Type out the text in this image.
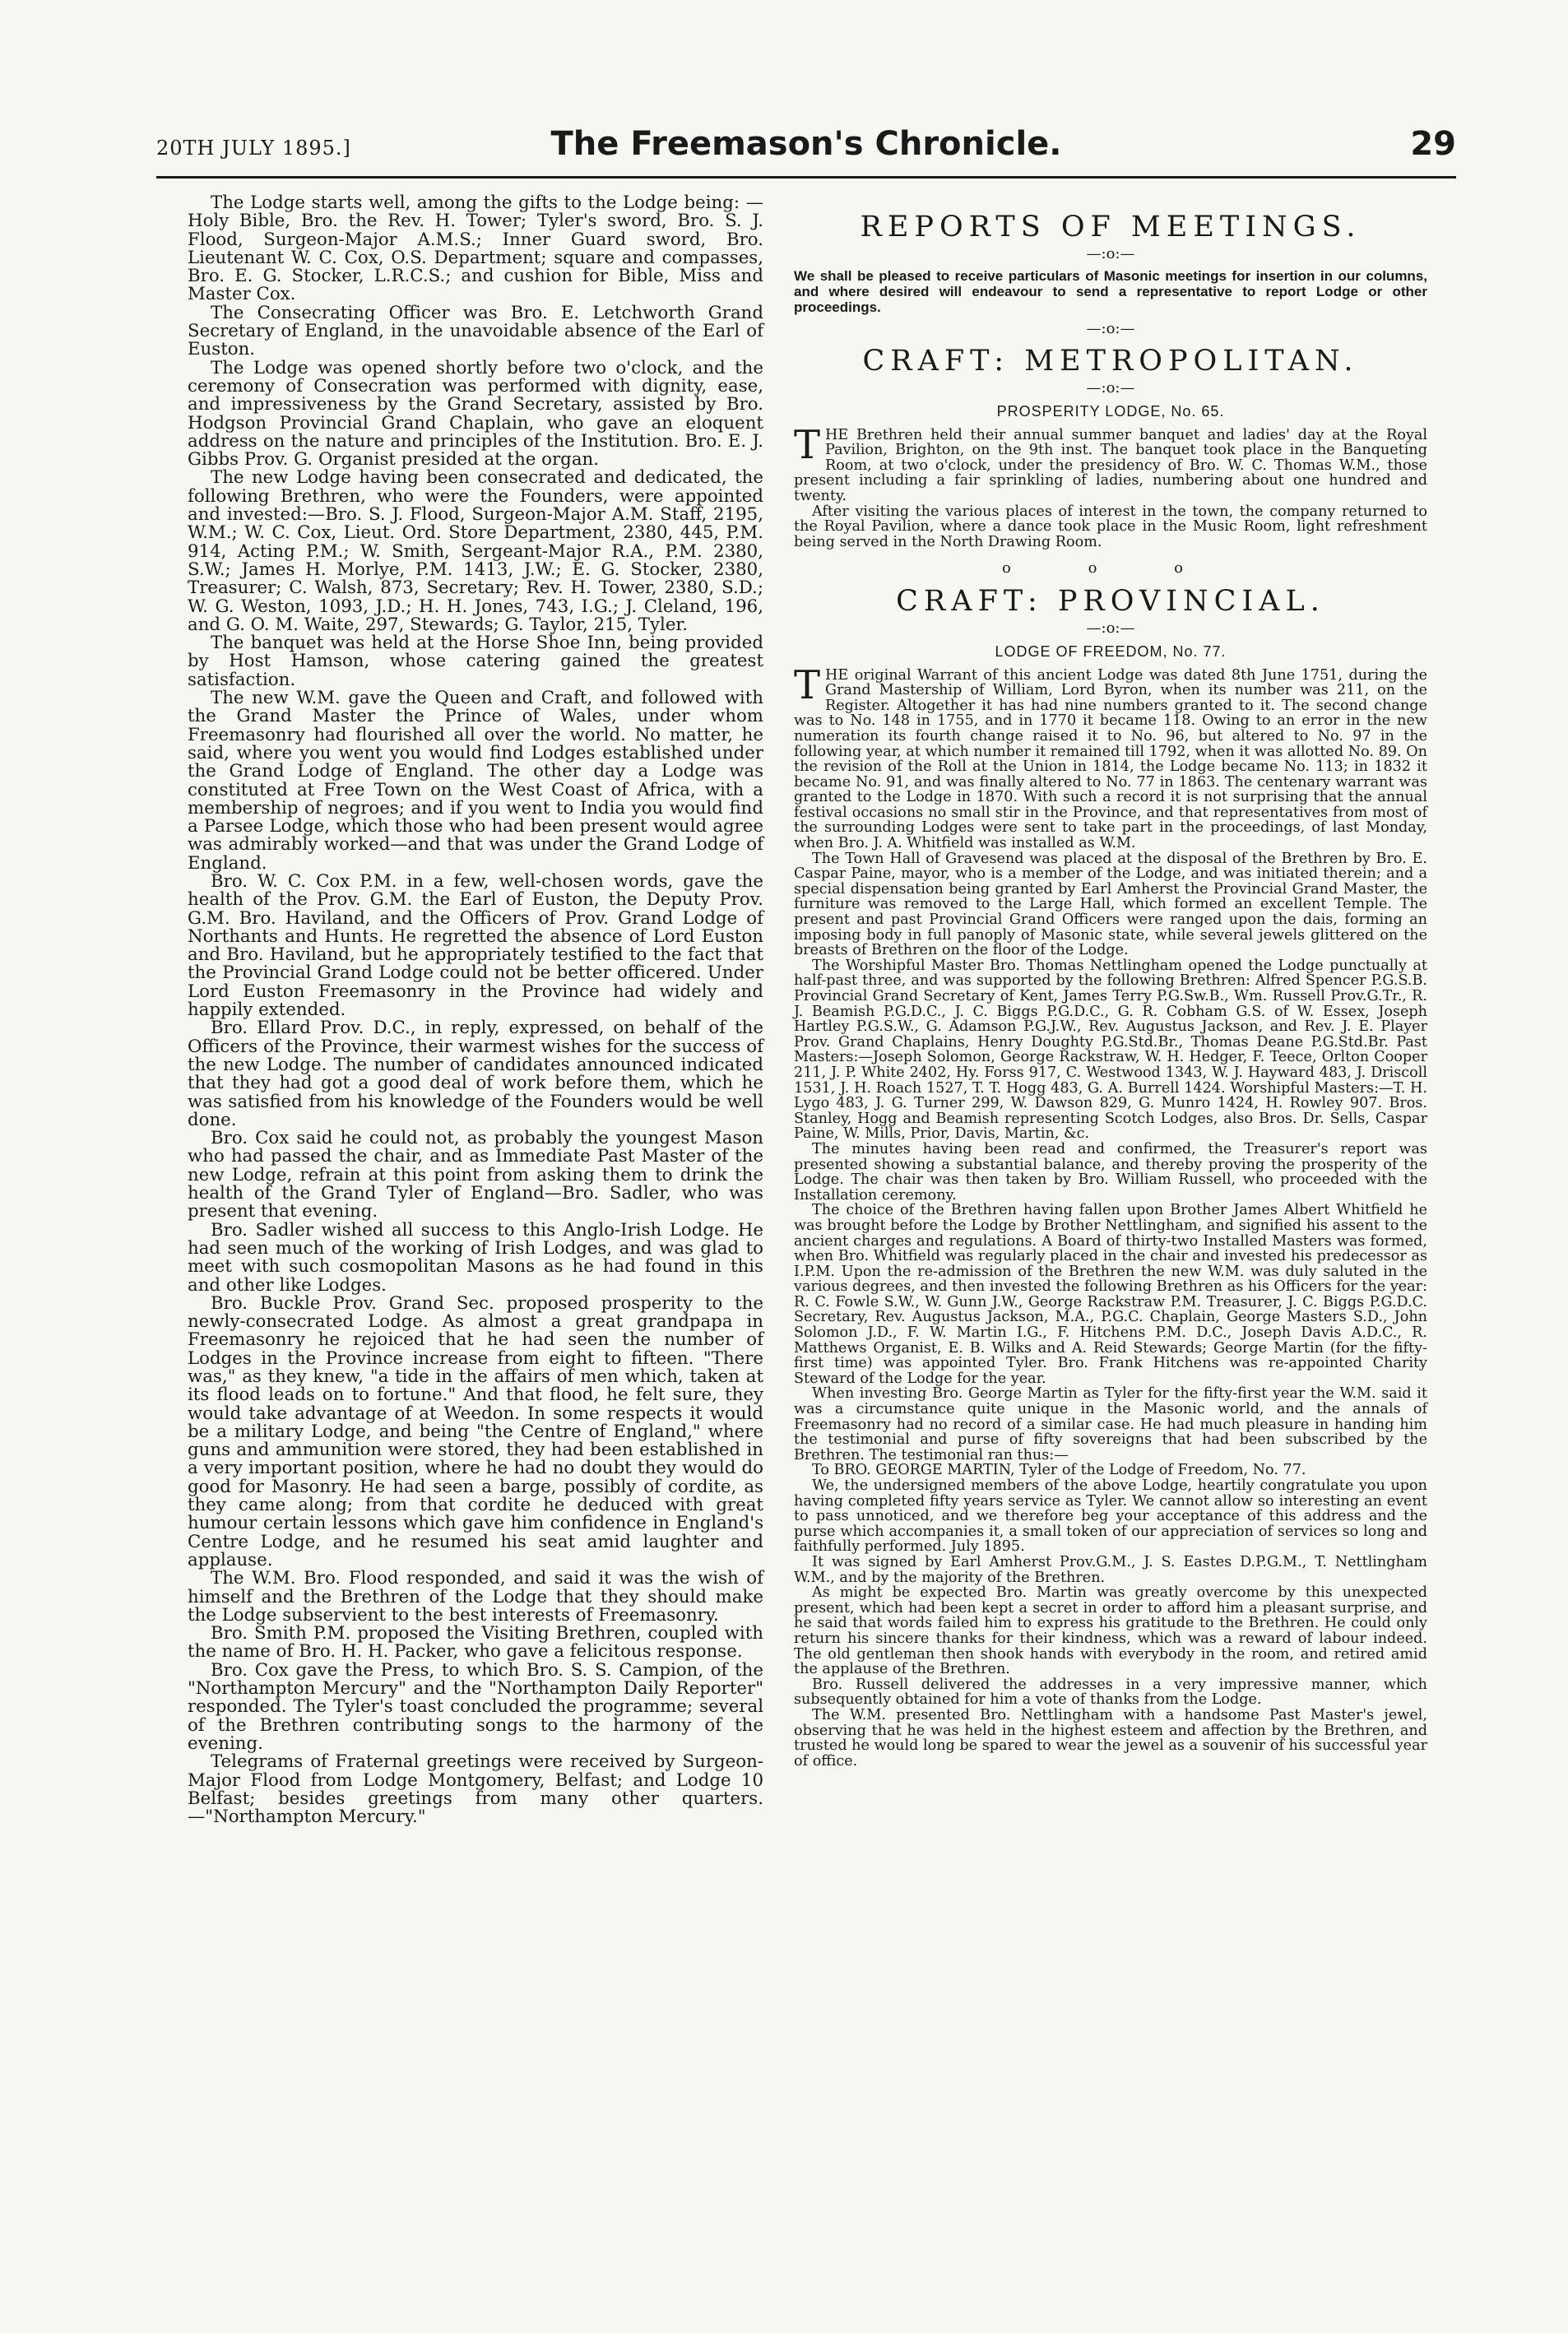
20TH JULY 1895.]	The Freemason's Chronicle.	29

The Lodge starts well, among the gifts to the Lodge being: —Holy Bible, Bro. the Rev. H. Tower; Tyler's sword, Bro. S. J. Flood, Surgeon-Major A.M.S.; Inner Guard sword, Bro. Lieutenant W. C. Cox, O.S. Department; square and compasses, Bro. E. G. Stocker, L.R.C.S.; and cushion for Bible, Miss and Master Cox.

The Consecrating Officer was Bro. E. Letchworth Grand Secretary of England, in the unavoidable absence of the Earl of Euston.

The Lodge was opened shortly before two o'clock, and the ceremony of Consecration was performed with dignity, ease, and impressiveness by the Grand Secretary, assisted by Bro. Hodgson Provincial Grand Chaplain, who gave an eloquent address on the nature and principles of the Institution. Bro. E. J. Gibbs Prov. G. Organist presided at the organ.

The new Lodge having been consecrated and dedicated, the following Brethren, who were the Founders, were appointed and invested:—Bro. S. J. Flood, Surgeon-Major A.M. Staff, 2195, W.M.; W. C. Cox, Lieut. Ord. Store Department, 2380, 445, P.M. 914, Acting P.M.; W. Smith, Sergeant-Major R.A., P.M. 2380, S.W.; James H. Morlye, P.M. 1413, J.W.; E. G. Stocker, 2380, Treasurer; C. Walsh, 873, Secretary; Rev. H. Tower, 2380, S.D.; W. G. Weston, 1093, J.D.; H. H. Jones, 743, I.G.; J. Cleland, 196, and G. O. M. Waite, 297, Stewards; G. Taylor, 215, Tyler.

The banquet was held at the Horse Shoe Inn, being provided by Host Hamson, whose catering gained the greatest satisfaction.

The new W.M. gave the Queen and Craft, and followed with the Grand Master the Prince of Wales, under whom Freemasonry had flourished all over the world. No matter, he said, where you went you would find Lodges established under the Grand Lodge of England. The other day a Lodge was constituted at Free Town on the West Coast of Africa, with a membership of negroes; and if you went to India you would find a Parsee Lodge, which those who had been present would agree was admirably worked—and that was under the Grand Lodge of England.

Bro. W. C. Cox P.M. in a few, well-chosen words, gave the health of the Prov. G.M. the Earl of Euston, the Deputy Prov. G.M. Bro. Haviland, and the Officers of Prov. Grand Lodge of Northants and Hunts. He regretted the absence of Lord Euston and Bro. Haviland, but he appropriately testified to the fact that the Provincial Grand Lodge could not be better officered. Under Lord Euston Freemasonry in the Province had widely and happily extended.

Bro. Ellard Prov. D.C., in reply, expressed, on behalf of the Officers of the Province, their warmest wishes for the success of the new Lodge. The number of candidates announced indicated that they had got a good deal of work before them, which he was satisfied from his knowledge of the Founders would be well done.

Bro. Cox said he could not, as probably the youngest Mason who had passed the chair, and as Immediate Past Master of the new Lodge, refrain at this point from asking them to drink the health of the Grand Tyler of England—Bro. Sadler, who was present that evening.

Bro. Sadler wished all success to this Anglo-Irish Lodge. He had seen much of the working of Irish Lodges, and was glad to meet with such cosmopolitan Masons as he had found in this and other like Lodges.

Bro. Buckle Prov. Grand Sec. proposed prosperity to the newly-consecrated Lodge. As almost a great grandpapa in Freemasonry he rejoiced that he had seen the number of Lodges in the Province increase from eight to fifteen. "There was," as they knew, "a tide in the affairs of men which, taken at its flood leads on to fortune." And that flood, he felt sure, they would take advantage of at Weedon. In some respects it would be a military Lodge, and being "the Centre of England," where guns and ammunition were stored, they had been established in a very important position, where he had no doubt they would do good for Masonry. He had seen a barge, possibly of cordite, as they came along; from that cordite he deduced with great humour certain lessons which gave him confidence in England's Centre Lodge, and he resumed his seat amid laughter and applause.

The W.M. Bro. Flood responded, and said it was the wish of himself and the Brethren of the Lodge that they should make the Lodge subservient to the best interests of Freemasonry.

Bro. Smith P.M. proposed the Visiting Brethren, coupled with the name of Bro. H. H. Packer, who gave a felicitous response.

Bro. Cox gave the Press, to which Bro. S. S. Campion, of the "Northampton Mercury" and the "Northampton Daily Reporter" responded. The Tyler's toast concluded the programme; several of the Brethren contributing songs to the harmony of the evening.

Telegrams of Fraternal greetings were received by Surgeon-Major Flood from Lodge Montgomery, Belfast; and Lodge 10 Belfast; besides greetings from many other quarters.—"Northampton Mercury."

REPORTS OF MEETINGS.
—:o:—
We shall be pleased to receive particulars of Masonic meetings for insertion in our columns, and where desired will endeavour to send a representative to report Lodge or other proceedings.
—:o:—
CRAFT: METROPOLITAN.
—:o:—
PROSPERITY LODGE, No. 65.

THE Brethren held their annual summer banquet and ladies' day at the Royal Pavilion, Brighton, on the 9th inst. The banquet took place in the Banqueting Room, at two o'clock, under the presidency of Bro. W. C. Thomas W.M., those present including a fair sprinkling of ladies, numbering about one hundred and twenty.

After visiting the various places of interest in the town, the company returned to the Royal Pavilion, where a dance took place in the Music Room, light refreshment being served in the North Drawing Room.

o o o
CRAFT: PROVINCIAL.
—:o:—
LODGE OF FREEDOM, No. 77.

THE original Warrant of this ancient Lodge was dated 8th June 1751, during the Grand Mastership of William, Lord Byron, when its number was 211, on the Register. Altogether it has had nine numbers granted to it. The second change was to No. 148 in 1755, and in 1770 it became 118. Owing to an error in the new numeration its fourth change raised it to No. 96, but altered to No. 97 in the following year, at which number it remained till 1792, when it was allotted No. 89. On the revision of the Roll at the Union in 1814, the Lodge became No. 113; in 1832 it became No. 91, and was finally altered to No. 77 in 1863. The centenary warrant was granted to the Lodge in 1870. With such a record it is not surprising that the annual festival occasions no small stir in the Province, and that representatives from most of the surrounding Lodges were sent to take part in the proceedings, of last Monday, when Bro. J. A. Whitfield was installed as W.M.

The Town Hall of Gravesend was placed at the disposal of the Brethren by Bro. E. Caspar Paine, mayor, who is a member of the Lodge, and was initiated therein; and a special dispensation being granted by Earl Amherst the Provincial Grand Master, the furniture was removed to the Large Hall, which formed an excellent Temple. The present and past Provincial Grand Officers were ranged upon the dais, forming an imposing body in full panoply of Masonic state, while several jewels glittered on the breasts of Brethren on the floor of the Lodge.

The Worshipful Master Bro. Thomas Nettlingham opened the Lodge punctually at half-past three, and was supported by the following Brethren: Alfred Spencer P.G.S.B. Provincial Grand Secretary of Kent, James Terry P.G.Sw.B., Wm. Russell Prov.G.Tr., R. J. Beamish P.G.D.C., J. C. Biggs P.G.D.C., G. R. Cobham G.S. of W. Essex, Joseph Hartley P.G.S.W., G. Adamson P.G.J.W., Rev. Augustus Jackson, and Rev. J. E. Player Prov. Grand Chaplains, Henry Doughty P.G.Std.Br., Thomas Deane P.G.Std.Br. Past Masters:—Joseph Solomon, George Rackstraw, W. H. Hedger, F. Teece, Orlton Cooper 211, J. P. White 2402, Hy. Forss 917, C. Westwood 1343, W. J. Hayward 483, J. Driscoll 1531, J. H. Roach 1527, T. T. Hogg 483, G. A. Burrell 1424. Worshipful Masters:—T. H. Lygo 483, J. G. Turner 299, W. Dawson 829, G. Munro 1424, H. Rowley 907. Bros. Stanley, Hogg and Beamish representing Scotch Lodges, also Bros. Dr. Sells, Caspar Paine, W. Mills, Prior, Davis, Martin, &c.

The minutes having been read and confirmed, the Treasurer's report was presented showing a substantial balance, and thereby proving the prosperity of the Lodge. The chair was then taken by Bro. William Russell, who proceeded with the Installation ceremony.

The choice of the Brethren having fallen upon Brother James Albert Whitfield he was brought before the Lodge by Brother Nettlingham, and signified his assent to the ancient charges and regulations. A Board of thirty-two Installed Masters was formed, when Bro. Whitfield was regularly placed in the chair and invested his predecessor as I.P.M. Upon the re-admission of the Brethren the new W.M. was duly saluted in the various degrees, and then invested the following Brethren as his Officers for the year: R. C. Fowle S.W., W. Gunn J.W., George Rackstraw P.M. Treasurer, J. C. Biggs P.G.D.C. Secretary, Rev. Augustus Jackson, M.A., P.G.C. Chaplain, George Masters S.D., John Solomon J.D., F. W. Martin I.G., F. Hitchens P.M. D.C., Joseph Davis A.D.C., R. Matthews Organist, E. B. Wilks and A. Reid Stewards; George Martin (for the fifty-first time) was appointed Tyler. Bro. Frank Hitchens was re-appointed Charity Steward of the Lodge for the year.

When investing Bro. George Martin as Tyler for the fifty-first year the W.M. said it was a circumstance quite unique in the Masonic world, and the annals of Freemasonry had no record of a similar case. He had much pleasure in handing him the testimonial and purse of fifty sovereigns that had been subscribed by the Brethren. The testimonial ran thus:—

To BRO. GEORGE MARTIN, Tyler of the Lodge of Freedom, No. 77.

We, the undersigned members of the above Lodge, heartily congratulate you upon having completed fifty years service as Tyler. We cannot allow so interesting an event to pass unnoticed, and we therefore beg your acceptance of this address and the purse which accompanies it, a small token of our appreciation of services so long and faithfully performed. July 1895.

It was signed by Earl Amherst Prov.G.M., J. S. Eastes D.P.G.M., T. Nettlingham W.M., and by the majority of the Brethren.

As might be expected Bro. Martin was greatly overcome by this unexpected present, which had been kept a secret in order to afford him a pleasant surprise, and he said that words failed him to express his gratitude to the Brethren. He could only return his sincere thanks for their kindness, which was a reward of labour indeed. The old gentleman then shook hands with everybody in the room, and retired amid the applause of the Brethren.

Bro. Russell delivered the addresses in a very impressive manner, which subsequently obtained for him a vote of thanks from the Lodge.

The W.M. presented Bro. Nettlingham with a handsome Past Master's jewel, observing that he was held in the highest esteem and affection by the Brethren, and trusted he would long be spared to wear the jewel as a souvenir of his successful year of office.
